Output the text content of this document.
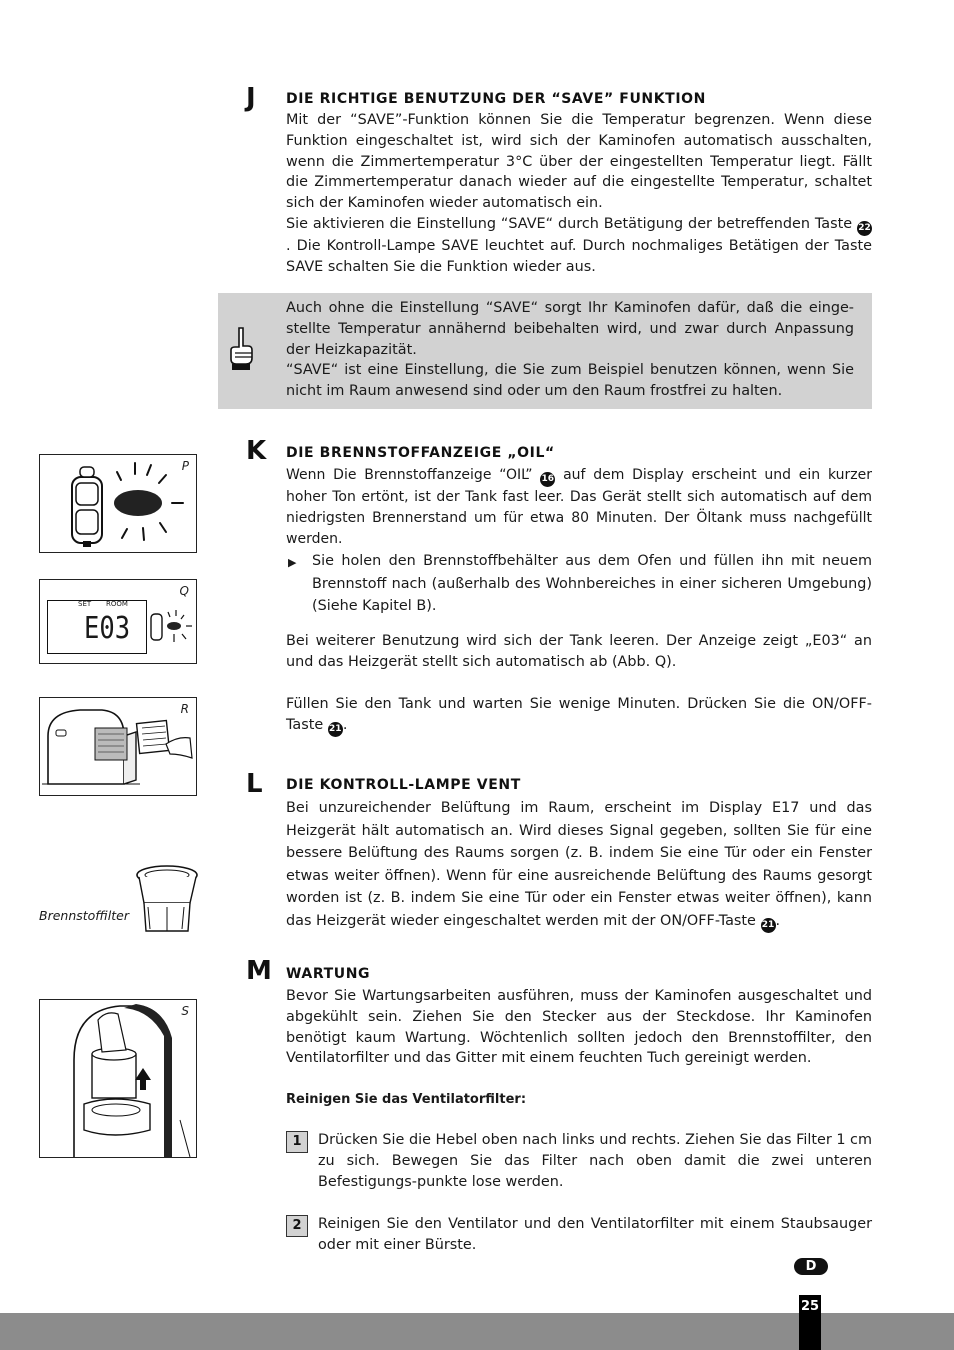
J DIE RICHTIGE BENUTZUNG DER “SAVE” FUNKTION

Mit der “SAVE”-Funktion können Sie die Temperatur begrenzen. Wenn diese Funktion eingeschaltet ist, wird sich der Kaminofen automatisch ausschalten, wenn die Zimmertemperatur 3°C über der eingestellten Temperatur liegt. Fällt die Zimmertemperatur danach wieder auf die eingestellte Temperatur, schaltet sich der Kaminofen wieder automatisch ein.

Sie aktivieren die Einstellung “SAVE“ durch Betätigung der betreffenden Taste 22 . Die Kontroll-Lampe SAVE leuchtet auf. Durch nochmaliges Betätigen der Taste SAVE schalten Sie die Funktion wieder aus.

Auch ohne die Einstellung “SAVE“ sorgt Ihr Kaminofen dafür, daß die einge-stellte Temperatur annähernd beibehalten wird, und zwar durch Anpassung der Heizkapazität.

“SAVE“ ist eine Einstellung, die Sie zum Beispiel benutzen können, wenn Sie nicht im Raum anwesend sind oder um den Raum frostfrei zu halten.

K DIE BRENNSTOFFANZEIGE „OIL“

Wenn Die Brennstoffanzeige “OIL” 16 auf dem Display erscheint und ein kurzer hoher Ton ertönt, ist der Tank fast leer. Das Gerät stellt sich automatisch auf dem niedrigsten Brennerstand um für etwa 80 Minuten. Der Öltank muss nachgefüllt werden.

▶ Sie holen den Brennstoffbehälter aus dem Ofen und füllen ihn mit neuem Brennstoff nach (außerhalb des Wohnbereiches in einer sicheren Umgebung) (Siehe Kapitel B).

Bei weiterer Benutzung wird sich der Tank leeren. Der Anzeige zeigt „E03“ an und das Heizgerät stellt sich automatisch ab (Abb. Q).

Füllen Sie den Tank und warten Sie wenige Minuten. Drücken Sie die ON/OFF-Taste 21.

L DIE KONTROLL-LAMPE VENT

Bei unzureichender Belüftung im Raum, erscheint im Display E17 und das Heizgerät hält automatisch an. Wird dieses Signal gegeben, sollten Sie für eine bessere Belüftung des Raums sorgen (z. B. indem Sie eine Tür oder ein Fenster etwas weiter öffnen). Wenn für eine ausreichende Belüftung des Raums gesorgt worden ist (z. B. indem Sie eine Tür oder ein Fenster etwas weiter öffnen), kann das Heizgerät wieder eingeschaltet werden mit der ON/OFF-Taste 21.

M WARTUNG

Bevor Sie Wartungsarbeiten ausführen, muss der Kaminofen ausgeschaltet und abgekühlt sein. Ziehen Sie den Stecker aus der Steckdose. Ihr Kaminofen benötigt kaum Wartung. Wöchtenlich sollten jedoch den Brennstoffilter, den Ventilatorfilter und das Gitter mit einem feuchten Tuch gereinigt werden.

Reinigen Sie das Ventilatorfilter:
1	Drücken Sie die Hebel oben nach links und rechts. Ziehen Sie das Filter 1 cm zu sich. Bewegen Sie das Filter nach oben damit die zwei unteren Befestigungs-punkte lose werden.

2	Reinigen Sie den Ventilator und den Ventilatorfilter mit einem Staubsauger oder mit einer Bürste.

P
Q
SET ROOM
E03
R
Brennstoffilter
S
D
25
